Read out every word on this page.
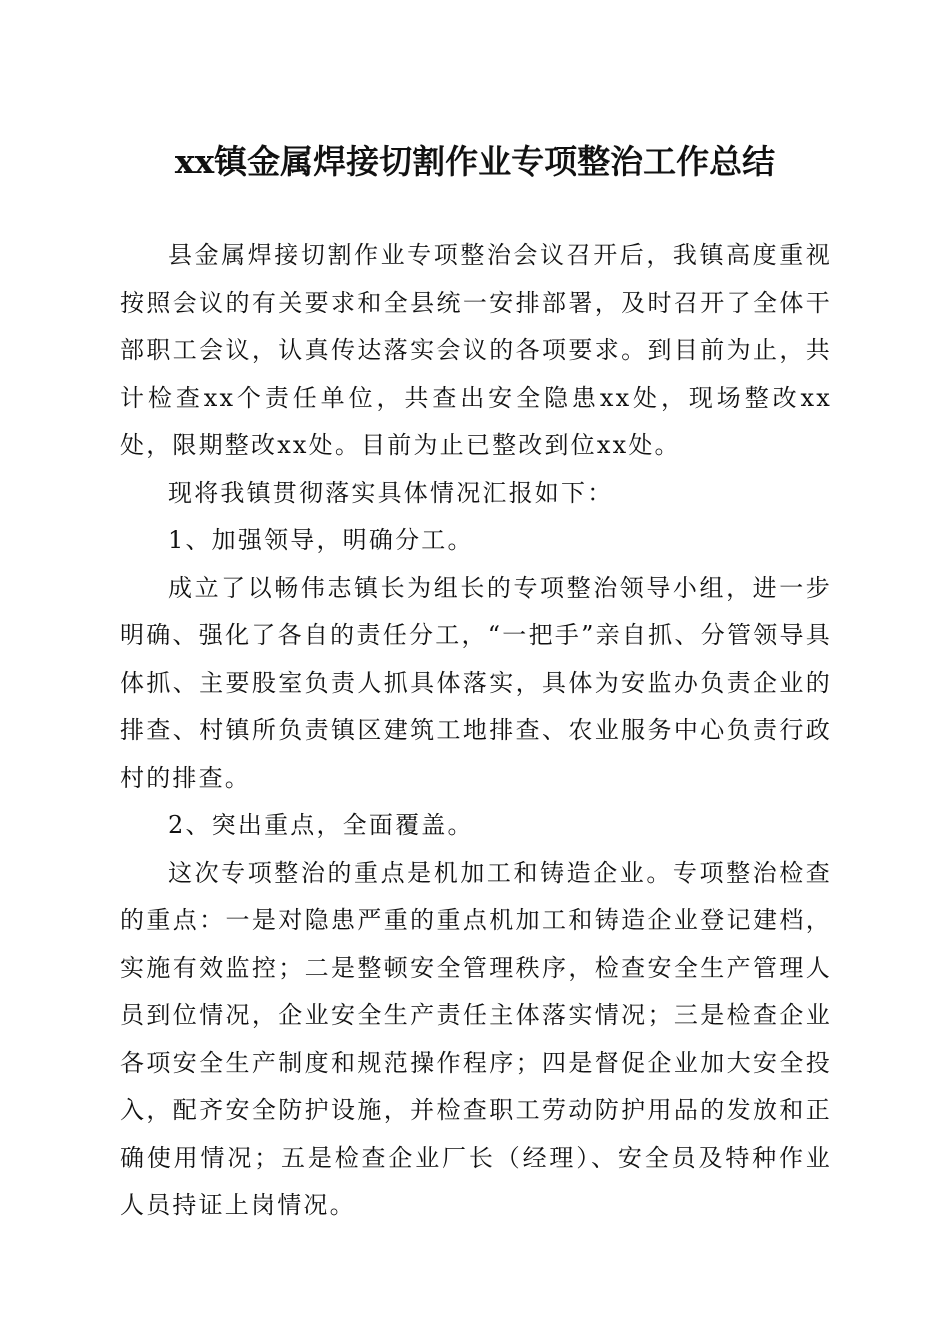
xx镇金属焊接切割作业专项整治工作总结

县金属焊接切割作业专项整治会议召开后，我镇高度重视按照会议的有关要求和全县统一安排部署，及时召开了全体干部职工会议，认真传达落实会议的各项要求。到目前为止，共计检查xx个责任单位，共查出安全隐患xx处，现场整改xx处，限期整改xx处。目前为止已整改到位xx处。

现将我镇贯彻落实具体情况汇报如下：

1、加强领导，明确分工。

成立了以畅伟志镇长为组长的专项整治领导小组，进一步明确、强化了各自的责任分工，“一把手”亲自抓、分管领导具体抓、主要股室负责人抓具体落实，具体为安监办负责企业的排查、村镇所负责镇区建筑工地排查、农业服务中心负责行政村的排查。

2、突出重点，全面覆盖。

这次专项整治的重点是机加工和铸造企业。专项整治检查的重点：一是对隐患严重的重点机加工和铸造企业登记建档，实施有效监控；二是整顿安全管理秩序，检查安全生产管理人员到位情况，企业安全生产责任主体落实情况；三是检查企业各项安全生产制度和规范操作程序；四是督促企业加大安全投入，配齐安全防护设施，并检查职工劳动防护用品的发放和正确使用情况；五是检查企业厂长（经理）、安全员及特种作业人员持证上岗情况。
